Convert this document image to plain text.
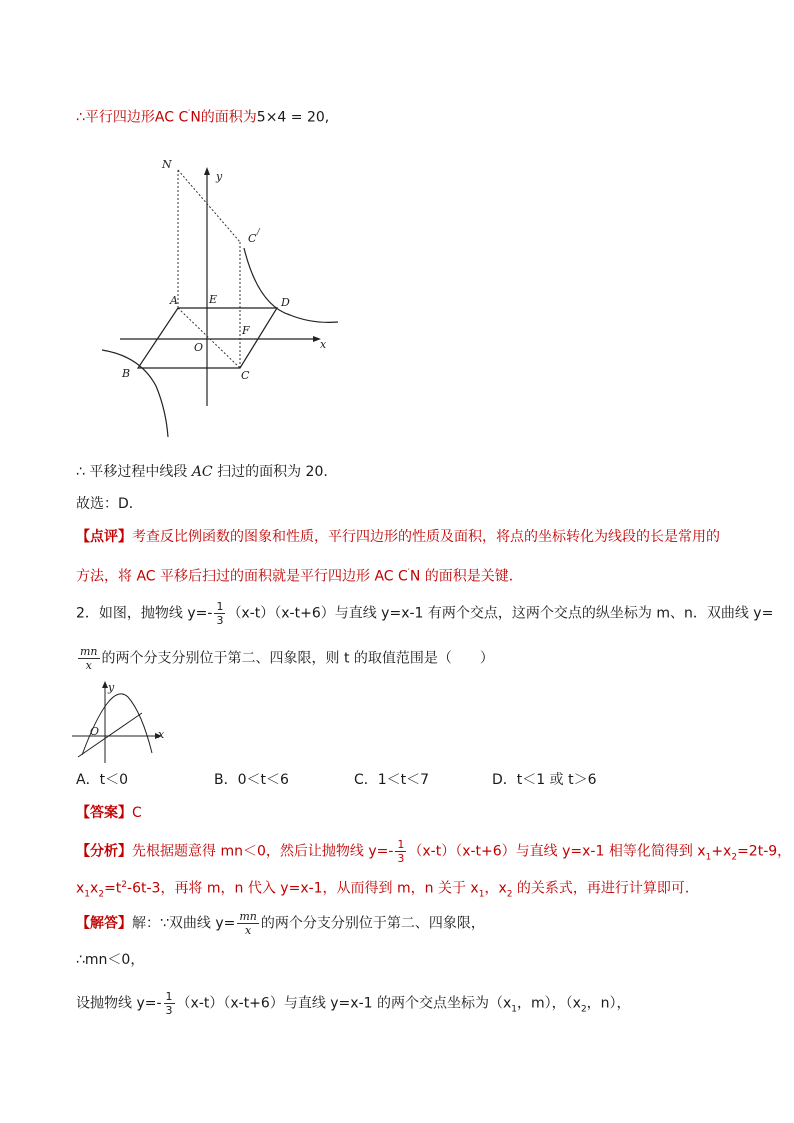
∴平行四边形AC C′N的面积为5×4 = 20,
N
y
C
/
A	E	D
F
O	x
B	C
∴ 平移过程中线段 AC 扫过的面积为 20.
故选：D．
【点评】考查反比例函数的图象和性质，平行四边形的性质及面积，将点的坐标转化为线段的长是常用的
方法，将 AC 平移后扫过的面积就是平行四边形 AC C′N 的面积是关键．
2．如图，抛物线 $y=- \frac{1}{3} (x-t)(x-t+6)$与直线 y=x-1 有两个交点，这两个交点的纵坐标为 m、n．双曲线 y=
$\frac{mn}{x}$ 的两个分支分别位于第二、四象限，则 t 的取值范围是（　　）
y
O	x
A．t＜0	B．0＜t＜6	C．1＜t＜7	D．t＜1 或 t＞6
【答案】C
【分析】先根据题意得 mn＜0，然后让抛物线 $y=- \frac{1}{3} (x-t)(x-t+6)$与直线 y=x-1 相等化简得到 $x_1+x_2=2t-9$，
$x_1x_2=t^2-6t-3$，再将 m，n 代入 y=x-1，从而得到 m，n 关于 $x_1$，$x_2$ 的关系式，再进行计算即可．
【解答】解：∵双曲线 $y= \frac{mn}{x}$ 的两个分支分别位于第二、四象限，
∴mn＜0，
设抛物线 $y=- \frac{1}{3} (x-t)(x-t+6)$与直线 y=x-1 的两个交点坐标为（$x_1$，m），（$x_2$，n），
